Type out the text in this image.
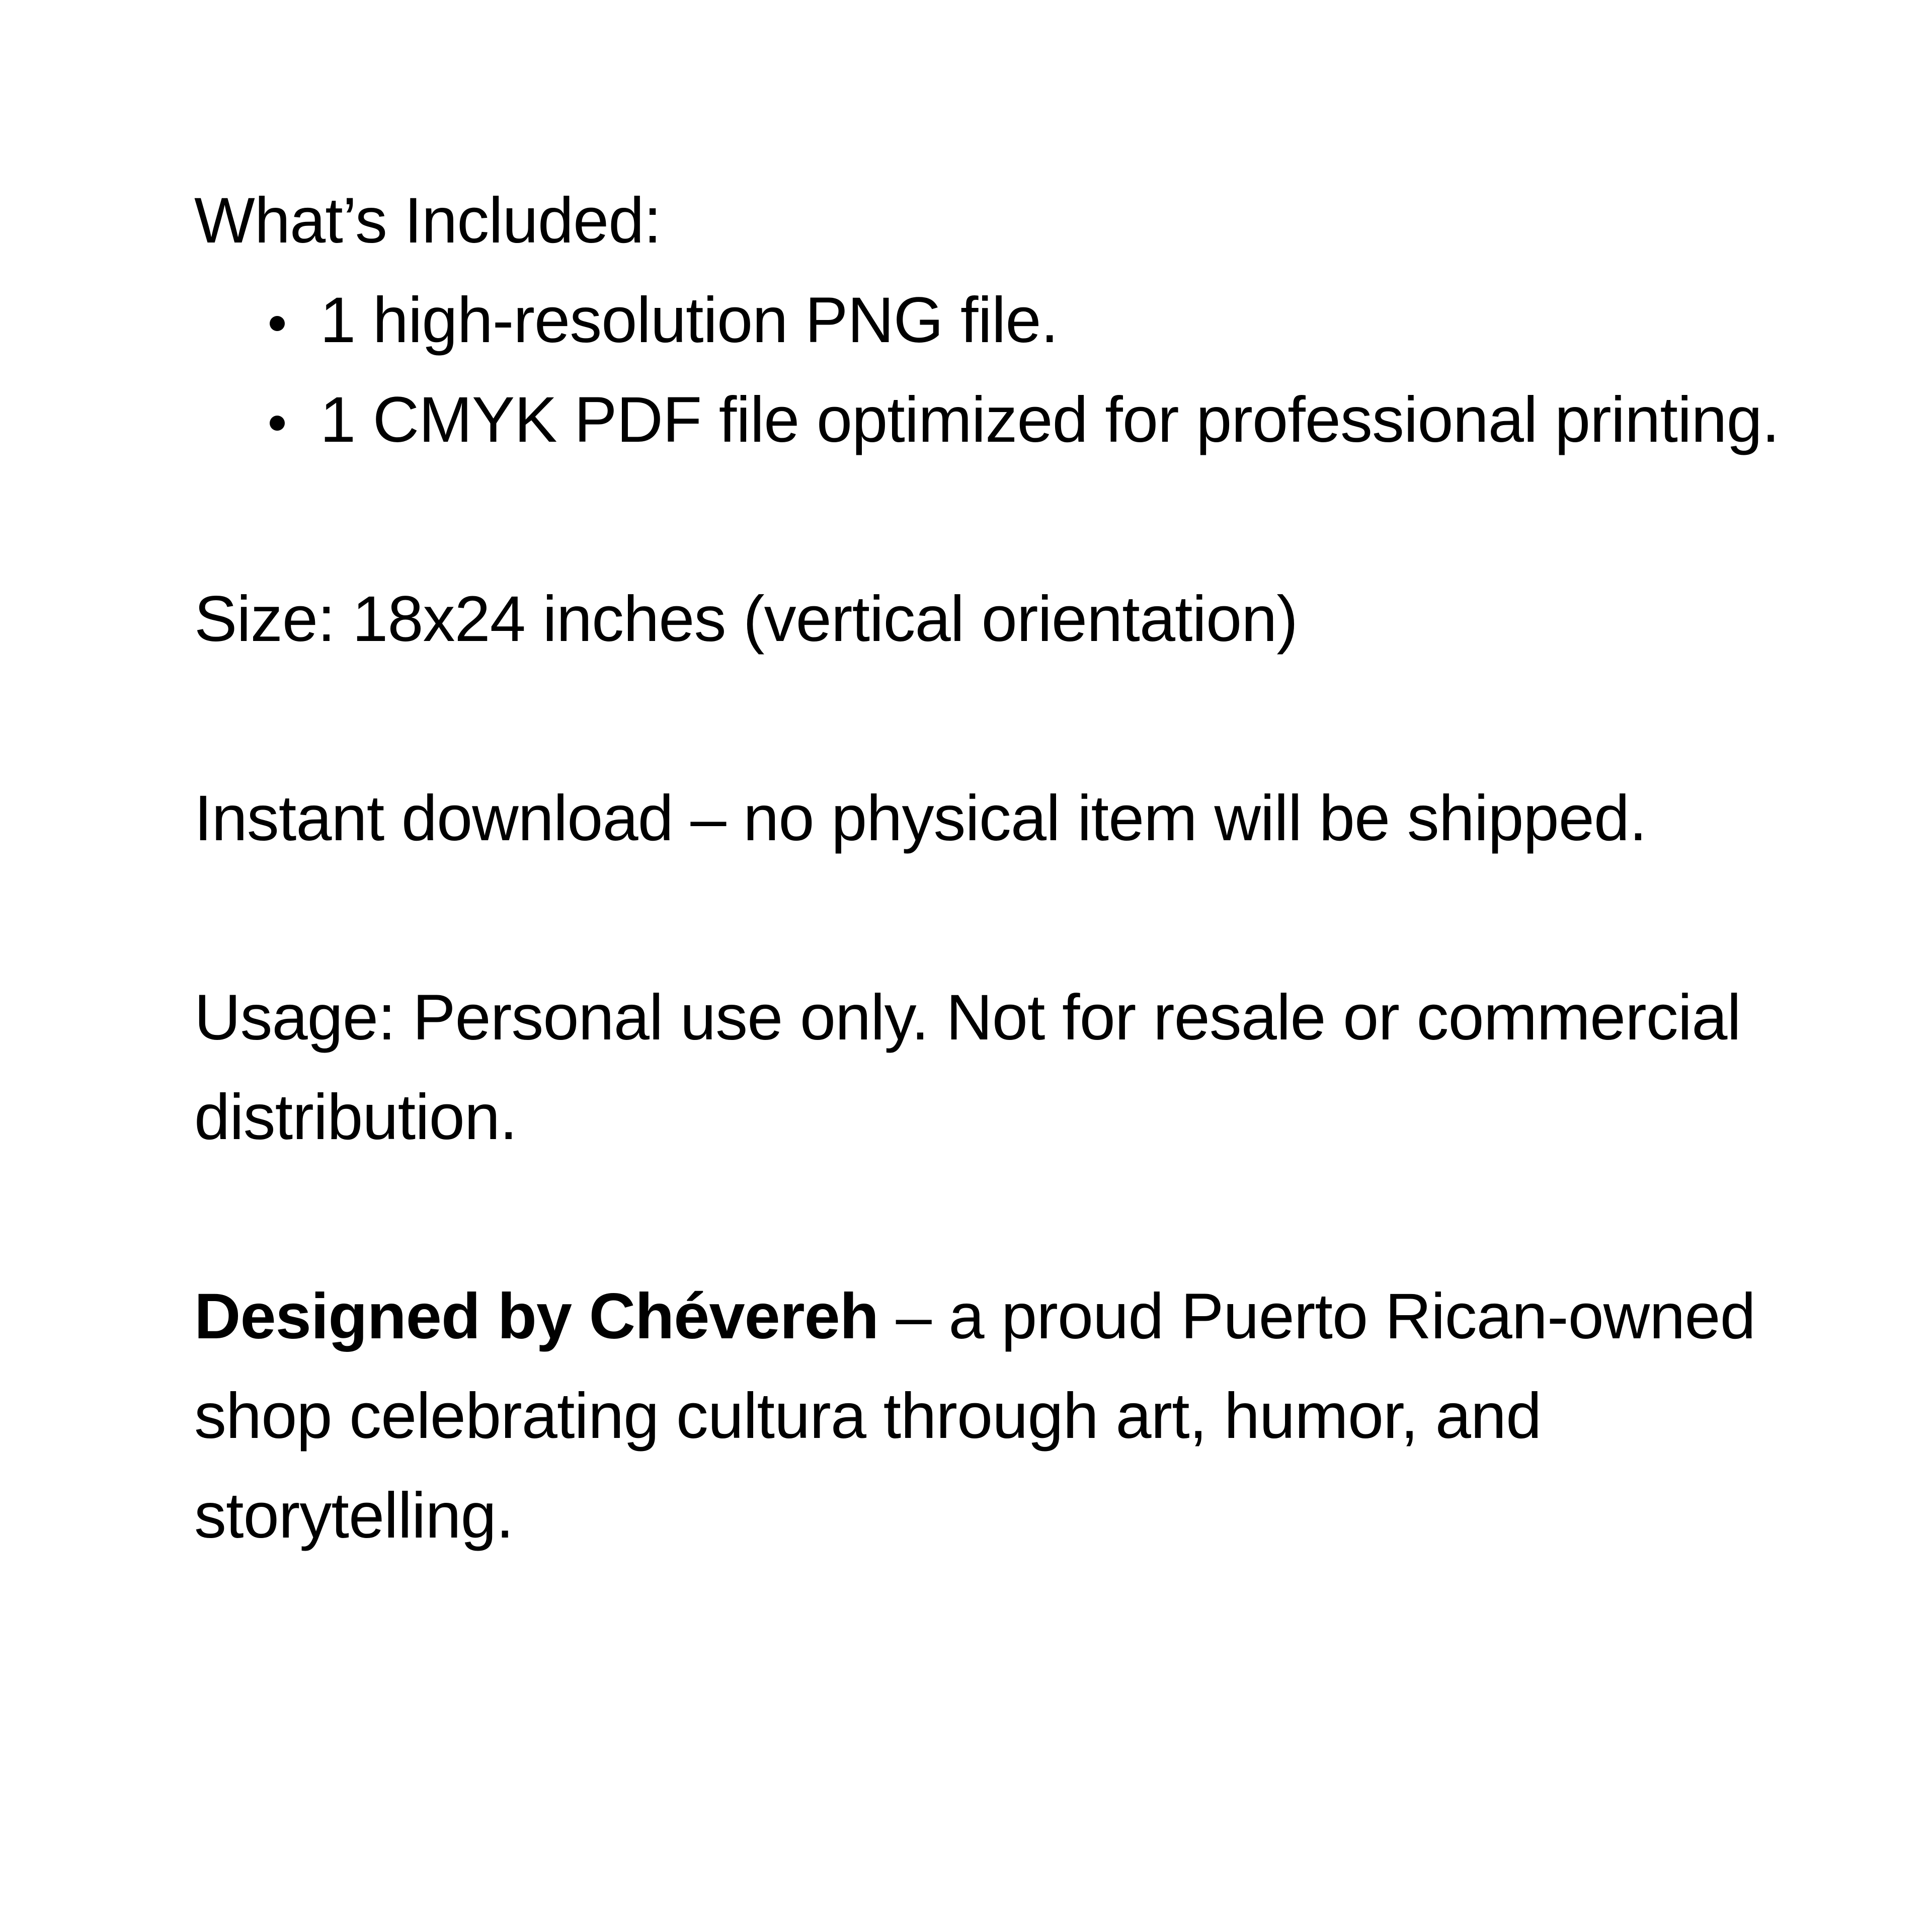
What’s Included:

1 high-resolution PNG file.
1 CMYK PDF file optimized for professional printing.

Size: 18x24 inches (vertical orientation)

Instant download – no physical item will be shipped.

Usage: Personal use only. Not for resale or commercial distribution.

Designed by Chévereh – a proud Puerto Rican-owned shop celebrating cultura through art, humor, and storytelling.
